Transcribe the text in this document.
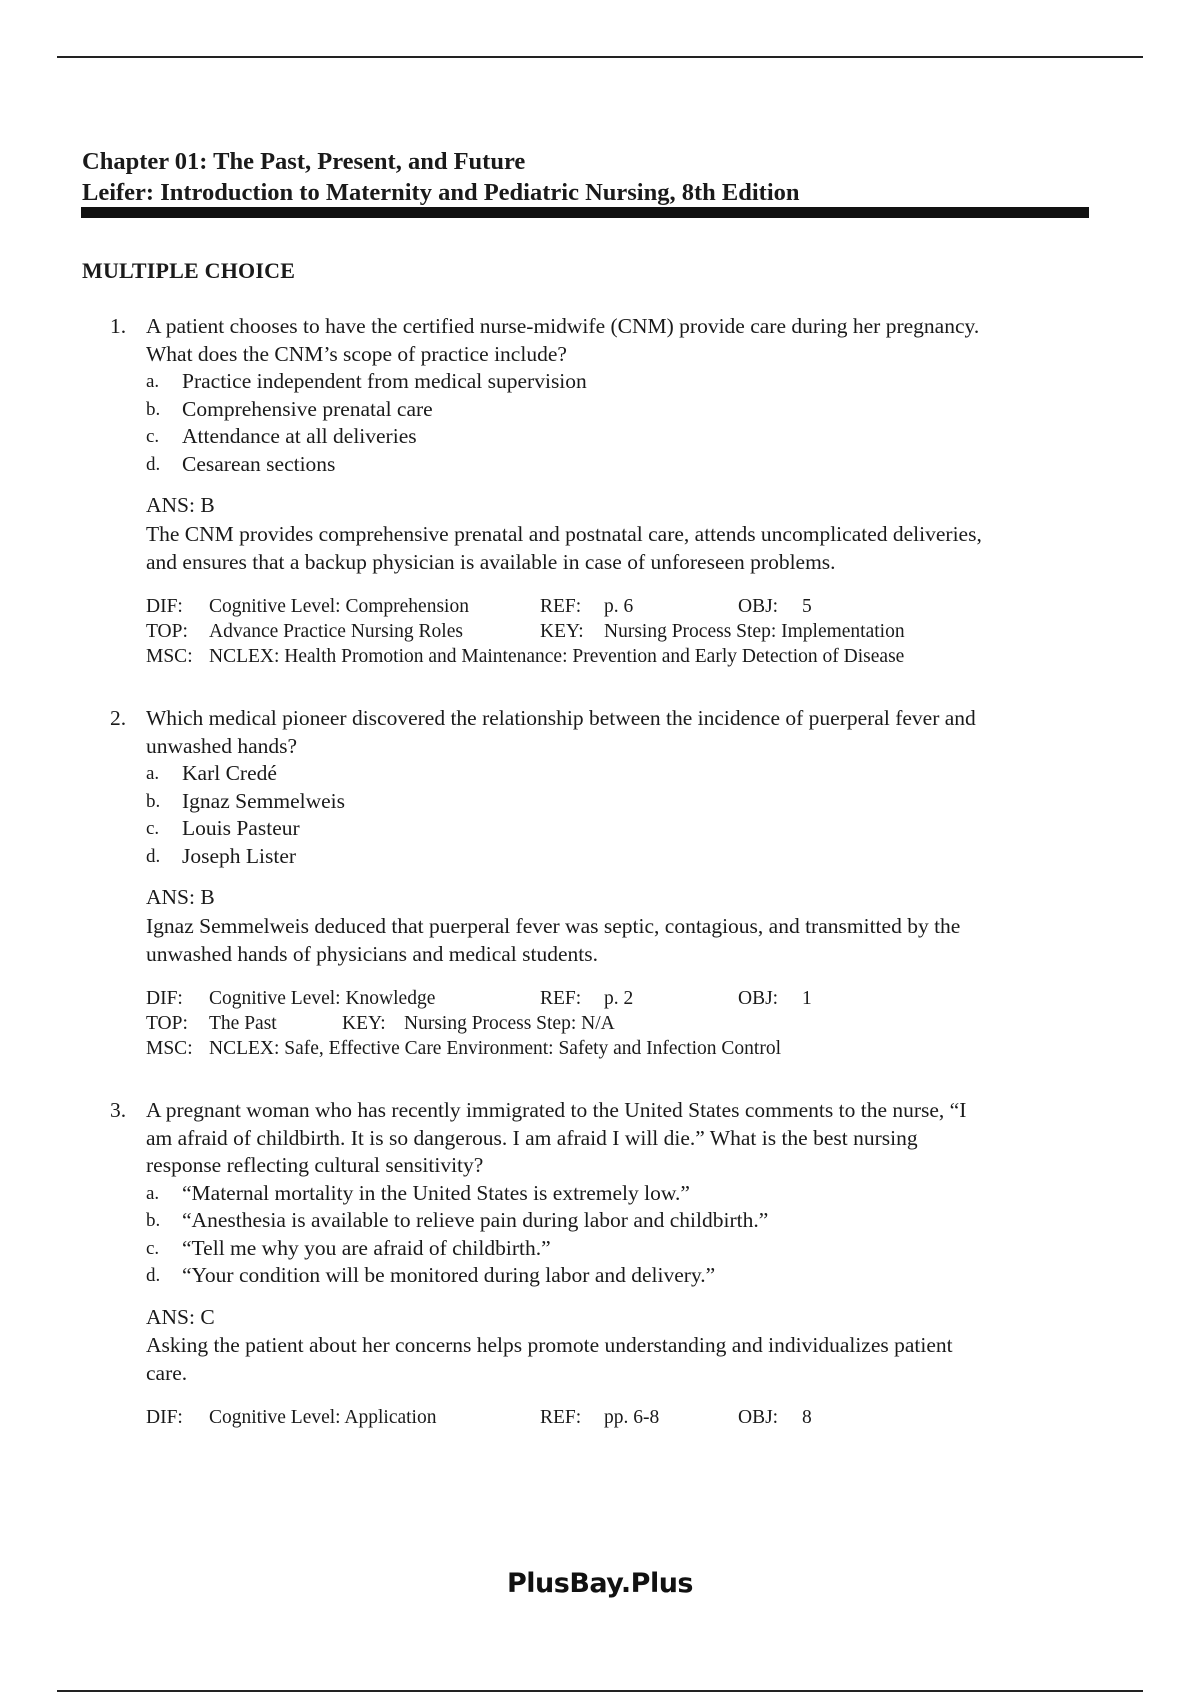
Chapter 01: The Past, Present, and Future
Leifer: Introduction to Maternity and Pediatric Nursing, 8th Edition
MULTIPLE CHOICE
1. A patient chooses to have the certified nurse-midwife (CNM) provide care during her pregnancy.
What does the CNM’s scope of practice include?
a. Practice independent from medical supervision
b. Comprehensive prenatal care
c. Attendance at all deliveries
d. Cesarean sections
ANS: B
The CNM provides comprehensive prenatal and postnatal care, attends uncomplicated deliveries,
and ensures that a backup physician is available in case of unforeseen problems.
DIF: Cognitive Level: Comprehension	REF: p. 6	OBJ: 5
TOP: Advance Practice Nursing Roles	KEY: Nursing Process Step: Implementation
MSC: NCLEX: Health Promotion and Maintenance: Prevention and Early Detection of Disease
2. Which medical pioneer discovered the relationship between the incidence of puerperal fever and
unwashed hands?
a. Karl Credé
b. Ignaz Semmelweis
c. Louis Pasteur
d. Joseph Lister
ANS: B
Ignaz Semmelweis deduced that puerperal fever was septic, contagious, and transmitted by the
unwashed hands of physicians and medical students.
DIF: Cognitive Level: Knowledge	REF: p. 2	OBJ: 1
TOP: The Past	KEY: Nursing Process Step: N/A
MSC: NCLEX: Safe, Effective Care Environment: Safety and Infection Control
3. A pregnant woman who has recently immigrated to the United States comments to the nurse, “I
am afraid of childbirth. It is so dangerous. I am afraid I will die.” What is the best nursing
response reflecting cultural sensitivity?
a. “Maternal mortality in the United States is extremely low.”
b. “Anesthesia is available to relieve pain during labor and childbirth.”
c. “Tell me why you are afraid of childbirth.”
d. “Your condition will be monitored during labor and delivery.”
ANS: C
Asking the patient about her concerns helps promote understanding and individualizes patient
care.
DIF: Cognitive Level: Application	REF: pp. 6-8	OBJ: 8
PlusBay.Plus
